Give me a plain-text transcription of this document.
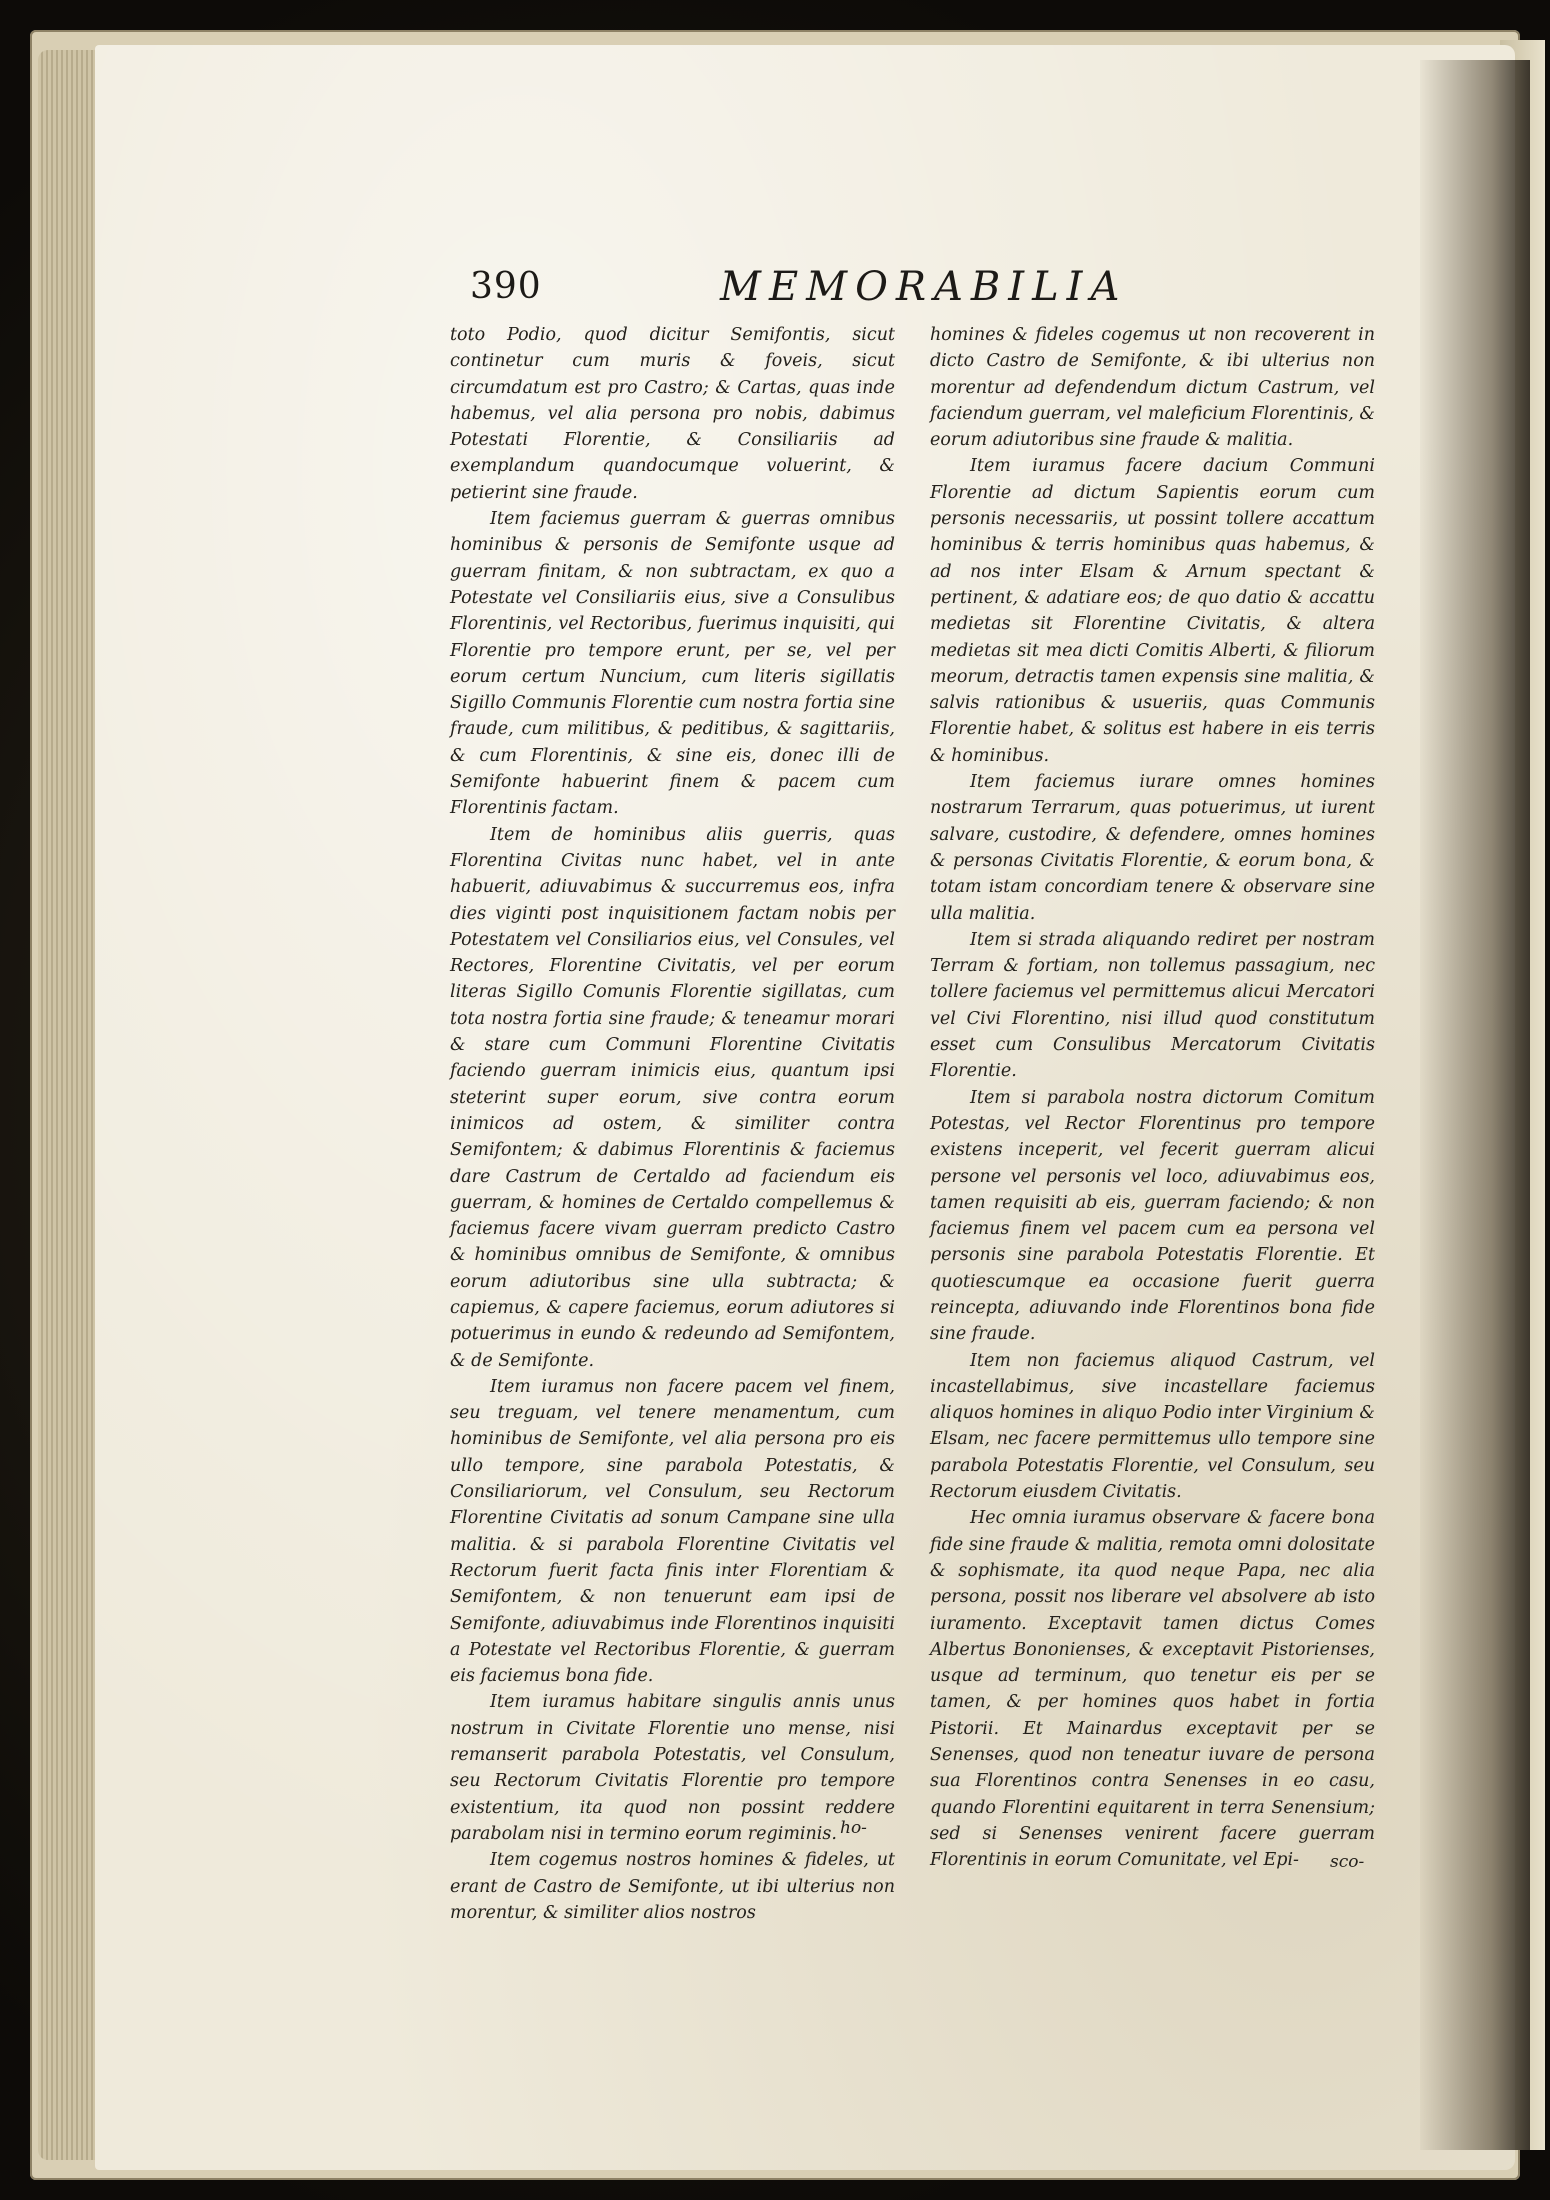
390	MEMORABILIA

toto Podio, quod dicitur Semifontis, sicut continetur cum muris & foveis, sicut circumdatum est pro Castro; & Cartas, quas inde habemus, vel alia persona pro nobis, dabimus Potestati Florentie, & Consiliariis ad exemplandum quandocumque voluerint, & petierint sine fraude.

Item faciemus guerram & guerras omnibus hominibus & personis de Semifonte usque ad guerram finitam, & non subtractam, ex quo a Potestate vel Consiliariis eius, sive a Consulibus Florentinis, vel Rectoribus, fuerimus inquisiti, qui Florentie pro tempore erunt, per se, vel per eorum certum Nuncium, cum literis sigillatis Sigillo Communis Florentie cum nostra fortia sine fraude, cum militibus, & peditibus, & sagittariis, & cum Florentinis, & sine eis, donec illi de Semifonte habuerint finem & pacem cum Florentinis factam.

Item de hominibus aliis guerris, quas Florentina Civitas nunc habet, vel in ante habuerit, adiuvabimus & succurremus eos, infra dies viginti post inquisitionem factam nobis per Potestatem vel Consiliarios eius, vel Consules, vel Rectores, Florentine Civitatis, vel per eorum literas Sigillo Comunis Florentie sigillatas, cum tota nostra fortia sine fraude; & teneamur morari & stare cum Communi Florentine Civitatis faciendo guerram inimicis eius, quantum ipsi steterint super eorum, sive contra eorum inimicos ad ostem, & similiter contra Semifontem; & dabimus Florentinis & faciemus dare Castrum de Certaldo ad faciendum eis guerram, & homines de Certaldo compellemus & faciemus facere vivam guerram predicto Castro & hominibus omnibus de Semifonte, & omnibus eorum adiutoribus sine ulla subtracta; & capiemus, & capere faciemus, eorum adiutores si potuerimus in eundo & redeundo ad Semifontem, & de Semifonte.

Item iuramus non facere pacem vel finem, seu treguam, vel tenere menamentum, cum hominibus de Semifonte, vel alia persona pro eis ullo tempore, sine parabola Potestatis, & Consiliariorum, vel Consulum, seu Rectorum Florentine Civitatis ad sonum Campane sine ulla malitia. & si parabola Florentine Civitatis vel Rectorum fuerit facta finis inter Florentiam & Semifontem, & non tenuerunt eam ipsi de Semifonte, adiuvabimus inde Florentinos inquisiti a Potestate vel Rectoribus Florentie, & guerram eis faciemus bona fide.

Item iuramus habitare singulis annis unus nostrum in Civitate Florentie uno mense, nisi remanserit parabola Potestatis, vel Consulum, seu Rectorum Civitatis Florentie pro tempore existentium, ita quod non possint reddere parabolam nisi in termino eorum regiminis.

Item cogemus nostros homines & fideles, ut erant de Castro de Semifonte, ut ibi ulterius non morentur, & similiter alios nostros

homines & fideles cogemus ut non recoverent in dicto Castro de Semifonte, & ibi ulterius non morentur ad defendendum dictum Castrum, vel faciendum guerram, vel maleficium Florentinis, & eorum adiutoribus sine fraude & malitia.

Item iuramus facere dacium Communi Florentie ad dictum Sapientis eorum cum personis necessariis, ut possint tollere accattum hominibus & terris hominibus quas habemus, & ad nos inter Elsam & Arnum spectant & pertinent, & adatiare eos; de quo datio & accattu medietas sit Florentine Civitatis, & altera medietas sit mea dicti Comitis Alberti, & filiorum meorum, detractis tamen expensis sine malitia, & salvis rationibus & usueriis, quas Communis Florentie habet, & solitus est habere in eis terris & hominibus.

Item faciemus iurare omnes homines nostrarum Terrarum, quas potuerimus, ut iurent salvare, custodire, & defendere, omnes homines & personas Civitatis Florentie, & eorum bona, & totam istam concordiam tenere & observare sine ulla malitia.

Item si strada aliquando rediret per nostram Terram & fortiam, non tollemus passagium, nec tollere faciemus vel permittemus alicui Mercatori vel Civi Florentino, nisi illud quod constitutum esset cum Consulibus Mercatorum Civitatis Florentie.

Item si parabola nostra dictorum Comitum Potestas, vel Rector Florentinus pro tempore existens inceperit, vel fecerit guerram alicui persone vel personis vel loco, adiuvabimus eos, tamen requisiti ab eis, guerram faciendo; & non faciemus finem vel pacem cum ea persona vel personis sine parabola Potestatis Florentie. Et quotiescumque ea occasione fuerit guerra reincepta, adiuvando inde Florentinos bona fide sine fraude.

Item non faciemus aliquod Castrum, vel incastellabimus, sive incastellare faciemus aliquos homines in aliquo Podio inter Virginium & Elsam, nec facere permittemus ullo tempore sine parabola Potestatis Florentie, vel Consulum, seu Rectorum eiusdem Civitatis.

Hec omnia iuramus observare & facere bona fide sine fraude & malitia, remota omni dolositate & sophismate, ita quod neque Papa, nec alia persona, possit nos liberare vel absolvere ab isto iuramento. Exceptavit tamen dictus Comes Albertus Bononienses, & exceptavit Pistorienses, usque ad terminum, quo tenetur eis per se tamen, & per homines quos habet in fortia Pistorii. Et Mainardus exceptavit per se Senenses, quod non teneatur iuvare de persona sua Florentinos contra Senenses in eo casu, quando Florentini equitarent in terra Senensium; sed si Senenses venirent facere guerram Florentinis in eorum Comunitate, vel Epi-

ho-
sco-
